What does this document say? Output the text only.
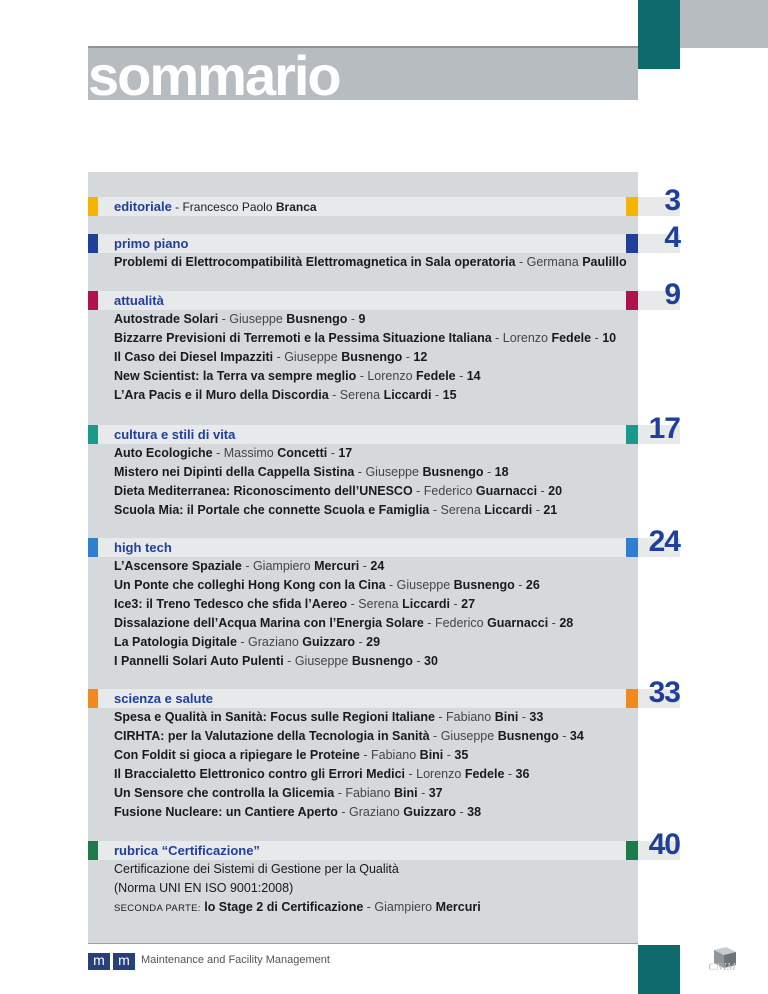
sommario
editoriale - Francesco Paolo Branca	3
primo piano	4
Problemi di Elettrocompatibilità Elettromagnetica in Sala operatoria - Germana Paulillo
attualità	9
Autostrade Solari - Giuseppe Busnengo - 9
Bizzarre Previsioni di Terremoti e la Pessima Situazione Italiana - Lorenzo Fedele - 10
Il Caso dei Diesel Impazziti - Giuseppe Busnengo - 12
New Scientist: la Terra va sempre meglio - Lorenzo Fedele - 14
L’Ara Pacis e il Muro della Discordia - Serena Liccardi - 15
cultura e stili di vita	17
Auto Ecologiche - Massimo Concetti - 17
Mistero nei Dipinti della Cappella Sistina - Giuseppe Busnengo - 18
Dieta Mediterranea: Riconoscimento dell’UNESCO - Federico Guarnacci - 20
Scuola Mia: il Portale che connette Scuola e Famiglia - Serena Liccardi - 21
high tech	24
L’Ascensore Spaziale - Giampiero Mercuri - 24
Un Ponte che colleghi Hong Kong con la Cina - Giuseppe Busnengo - 26
Ice3: il Treno Tedesco che sfida l’Aereo - Serena Liccardi - 27
Dissalazione dell’Acqua Marina con l’Energia Solare - Federico Guarnacci - 28
La Patologia Digitale - Graziano Guizzaro - 29
I Pannelli Solari Auto Pulenti - Giuseppe Busnengo - 30
scienza e salute	33
Spesa e Qualità in Sanità: Focus sulle Regioni Italiane - Fabiano Bini - 33
CIRHTA: per la Valutazione della Tecnologia in Sanità - Giuseppe Busnengo - 34
Con Foldit si gioca a ripiegare le Proteine - Fabiano Bini - 35
Il Braccialetto Elettronico contro gli Errori Medici - Lorenzo Fedele - 36
Un Sensore che controlla la Glicemia - Fabiano Bini - 37
Fusione Nucleare: un Cantiere Aperto - Graziano Guizzaro - 38
rubrica “Certificazione”	40
Certificazione dei Sistemi di Gestione per la Qualità
(Norma UNI EN ISO 9001:2008)
SECONDA PARTE: lo Stage 2 di Certificazione - Giampiero Mercuri
m m	Maintenance and Facility Management
CNIM
